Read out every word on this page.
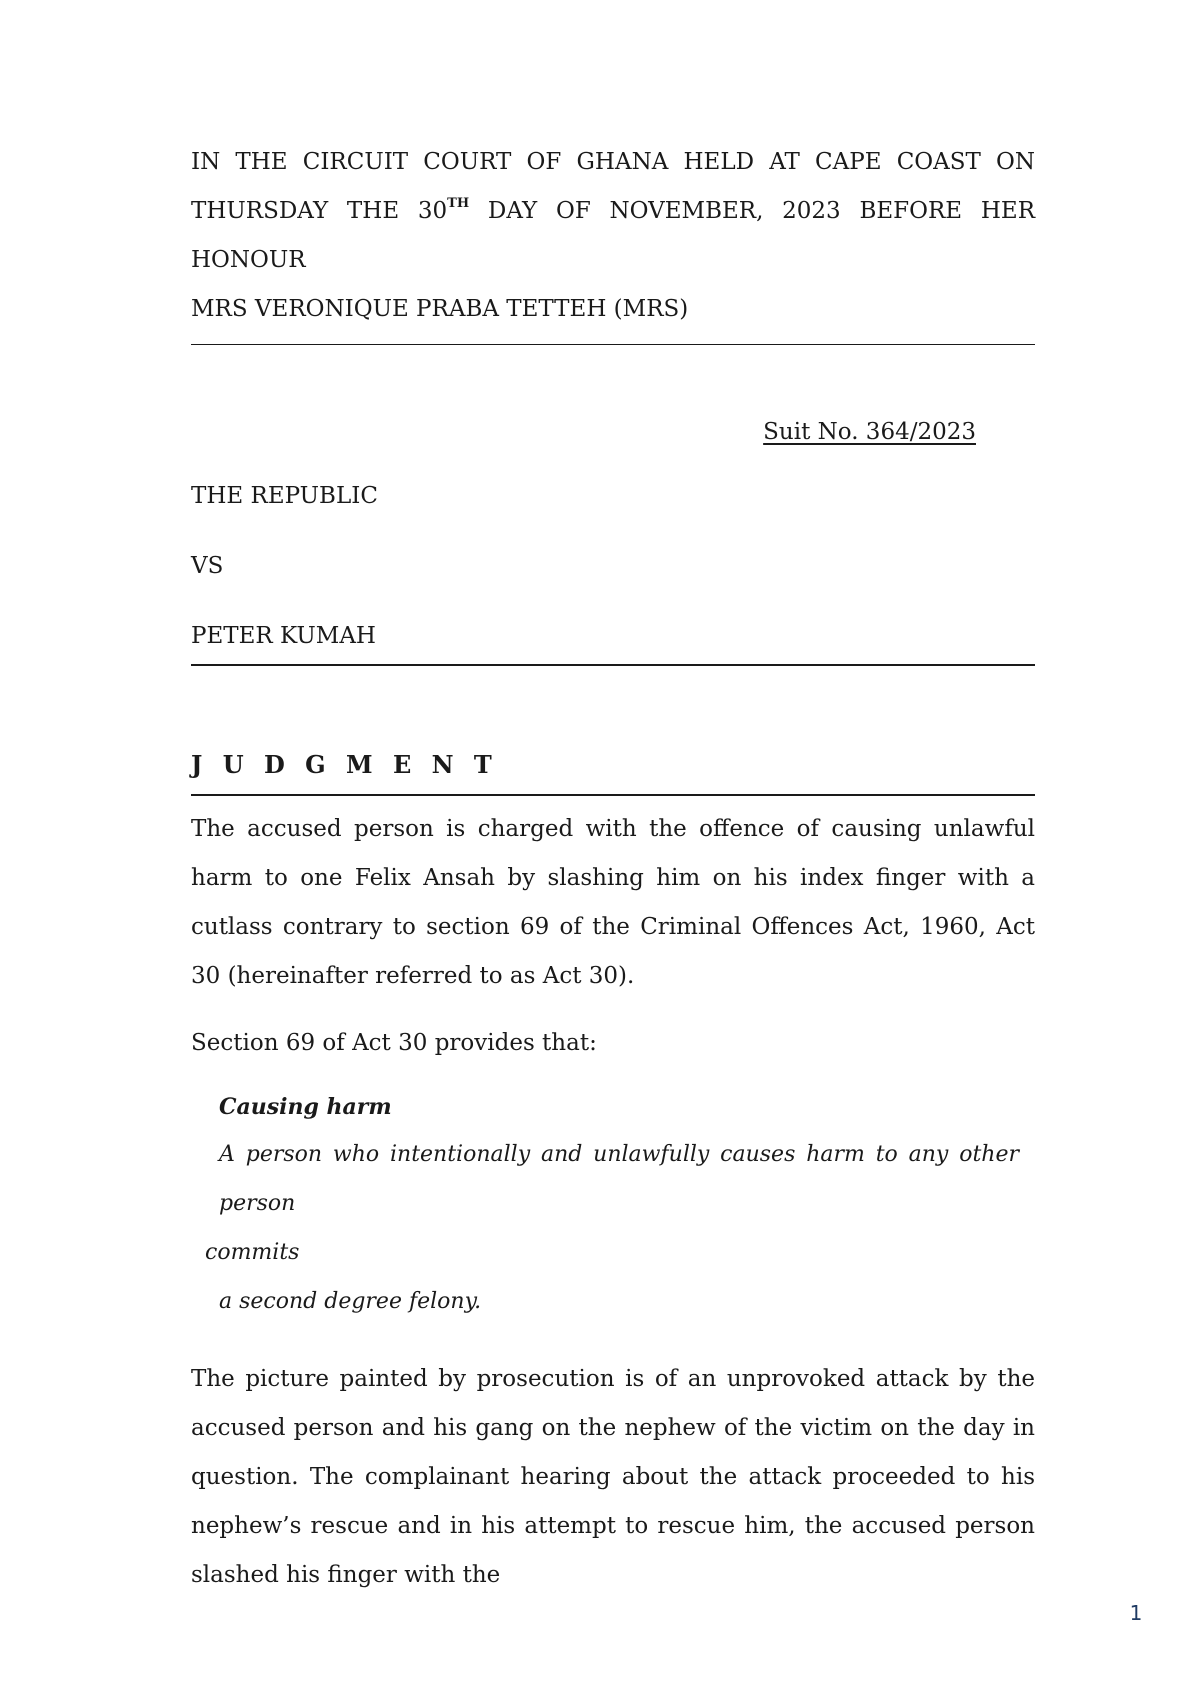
IN THE CIRCUIT COURT OF GHANA HELD AT CAPE COAST ON
THURSDAY THE 30TH DAY OF NOVEMBER, 2023 BEFORE HER HONOUR
MRS VERONIQUE PRABA TETTEH (MRS)
Suit No. 364/2023
THE REPUBLIC
VS
PETER KUMAH
J U D G M E N T

The accused person is charged with the offence of causing unlawful harm to one Felix Ansah by slashing him on his index finger with a cutlass contrary to section 69 of the Criminal Offences Act, 1960, Act 30 (hereinafter referred to as Act 30).

Section 69 of Act 30 provides that:

Causing harm

A person who intentionally and unlawfully causes harm to any other person

commits

a second degree felony.

The picture painted by prosecution is of an unprovoked attack by the accused person and his gang on the nephew of the victim on the day in question. The complainant hearing about the attack proceeded to his nephew’s rescue and in his attempt to rescue him, the accused person slashed his finger with the

1
